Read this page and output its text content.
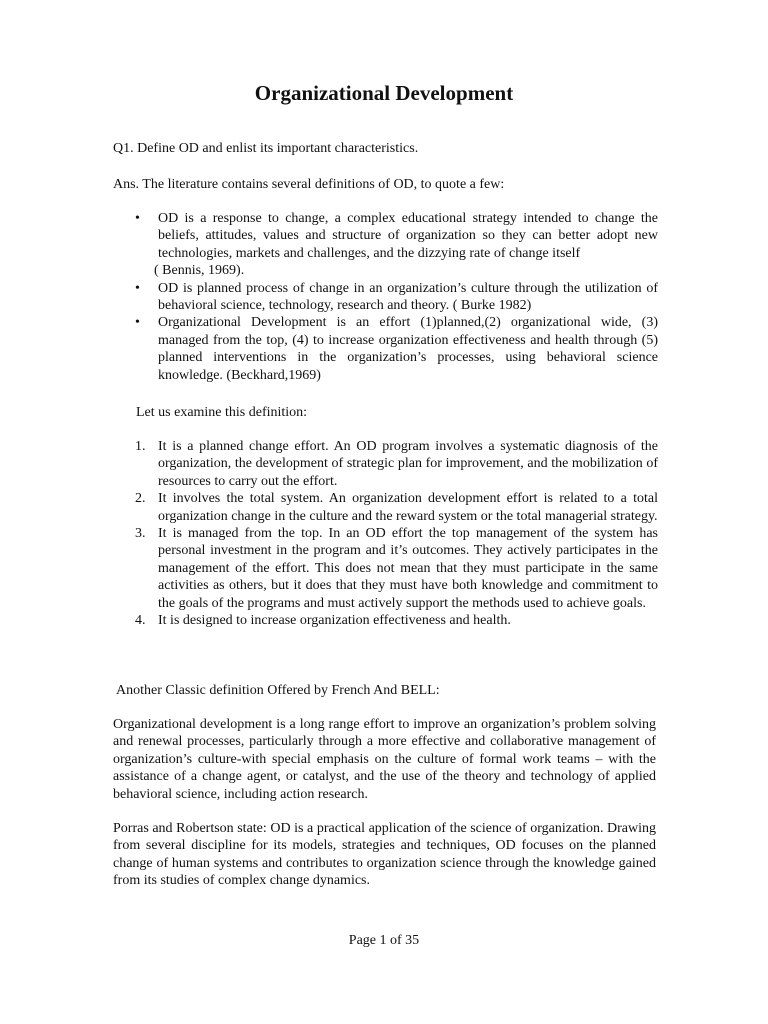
Organizational Development

Q1. Define OD and enlist its important characteristics.

Ans. The literature contains several definitions of OD, to quote a few:

• OD is a response to change, a complex educational strategy intended to change the beliefs, attitudes, values and structure of organization so they can better adopt new technologies, markets and challenges, and the dizzying rate of change itself
( Bennis, 1969).
• OD is planned process of change in an organization’s culture through the utilization of behavioral science, technology, research and theory. ( Burke 1982)
• Organizational Development is an effort (1)planned,(2) organizational wide, (3) managed from the top, (4) to increase organization effectiveness and health through (5) planned interventions in the organization’s processes, using behavioral science knowledge. (Beckhard,1969)

Let us examine this definition:

1. It is a planned change effort. An OD program involves a systematic diagnosis of the organization, the development of strategic plan for improvement, and the mobilization of resources to carry out the effort.
2. It involves the total system. An organization development effort is related to a total organization change in the culture and the reward system or the total managerial strategy.
3. It is managed from the top. In an OD effort the top management of the system has personal investment in the program and it’s outcomes. They actively participates in the management of the effort. This does not mean that they must participate in the same activities as others, but it does that they must have both knowledge and commitment to the goals of the programs and must actively support the methods used to achieve goals.
4. It is designed to increase organization effectiveness and health.

Another Classic definition Offered by French And BELL:

Organizational development is a long range effort to improve an organization’s problem solving and renewal processes, particularly through a more effective and collaborative management of organization’s culture-with special emphasis on the culture of formal work teams – with the assistance of a change agent, or catalyst, and the use of the theory and technology of applied behavioral science, including action research.

Porras and Robertson state: OD is a practical application of the science of organization. Drawing from several discipline for its models, strategies and techniques, OD focuses on the planned change of human systems and contributes to organization science through the knowledge gained from its studies of complex change dynamics.

Page 1 of 35
